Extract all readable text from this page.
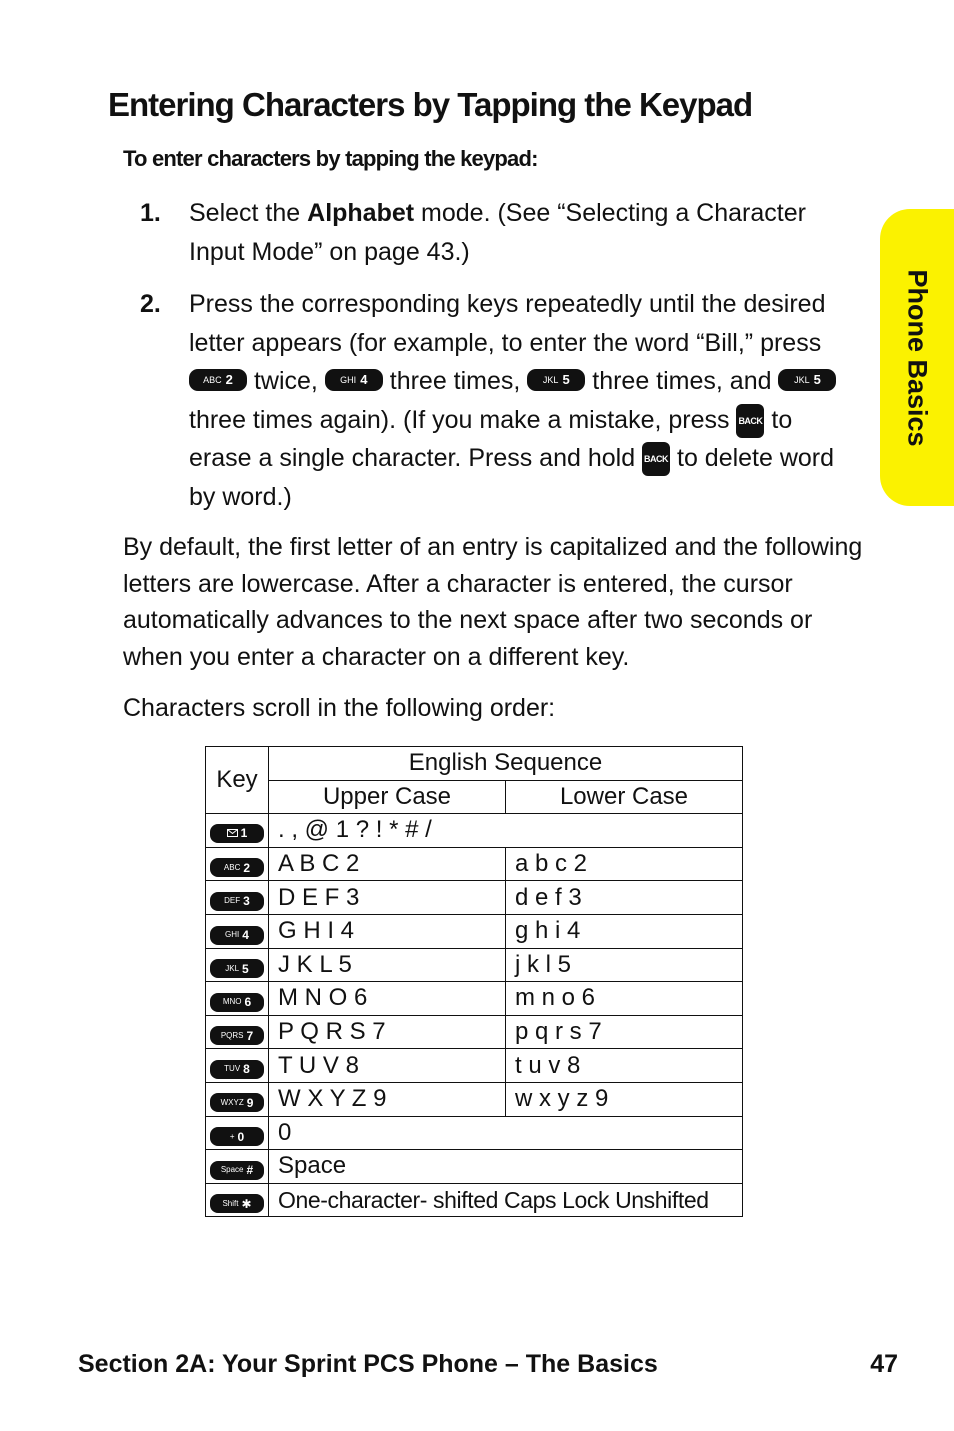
Entering Characters by Tapping the Keypad
To enter characters by tapping the keypad:
1. Select the Alphabet mode. (See “Selecting a Character Input Mode” on page 43.)
2. Press the corresponding keys repeatedly until the desired letter appears (for example, to enter the word “Bill,” press
ABC 2 twice, GHI 4 three times, JKL 5 three times, and JKL 5
three times again). (If you make a mistake, press BACK to erase a single character. Press and hold BACK to delete word by word.)
By default, the first letter of an entry is capitalized and the following letters are lowercase. After a character is entered, the cursor automatically advances to the next space after two seconds or when you enter a character on a different key.
Characters scroll in the following order:
Phone Basics
Key	English Sequence	
	Upper Case	Lower Case

1	. , @ 1 ? ! * # /	

ABC 2	A B C 2	a b c 2

DEF 3	D E F 3	d e f 3

GHI 4	G H I 4	g h i 4

JKL 5	J K L 5	j k l 5

MNO 6	M N O 6	m n o 6

PQRS 7	P Q R S 7	p q r s 7

TUV 8	T U V 8	t u v 8

WXYZ 9	W X Y Z 9	w x y z 9

+ 0	0	

Space #	Space	

Shift ✱	One-character- shifted Caps Lock Unshifted	
Section 2A: Your Sprint PCS Phone – The Basics	47
